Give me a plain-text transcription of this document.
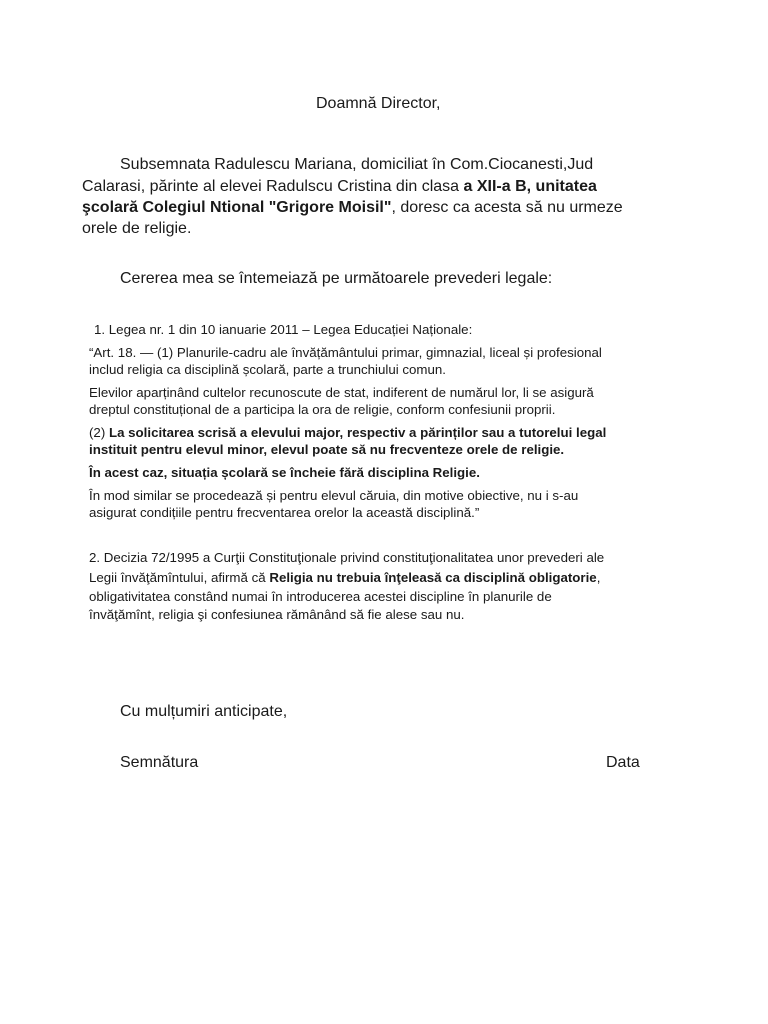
Doamnă Director,
Subsemnata Radulescu Mariana, domiciliat în Com.Ciocanesti,Jud
Calarasi, părinte al elevei Radulscu Cristina din clasa a XII-a B, unitatea
şcolară Colegiul Ntional "Grigore Moisil", doresc ca acesta să nu urmeze
orele de religie.
Cererea mea se întemeiază pe următoarele prevederi legale:
1. Legea nr. 1 din 10 ianuarie 2011 – Legea Educației Naționale:
“Art. 18. — (1) Planurile-cadru ale învățământului primar, gimnazial, liceal și profesional
includ religia ca disciplină școlară, parte a trunchiului comun.
Elevilor aparținând cultelor recunoscute de stat, indiferent de numărul lor, li se asigură
dreptul constituțional de a participa la ora de religie, conform confesiunii proprii.
(2) La solicitarea scrisă a elevului major, respectiv a părinților sau a tutorelui legal
instituit pentru elevul minor, elevul poate să nu frecventeze orele de religie.
În acest caz, situația școlară se încheie fără disciplina Religie.
În mod similar se procedează și pentru elevul căruia, din motive obiective, nu i s-au
asigurat condițiile pentru frecventarea orelor la această disciplină.”
2. Decizia 72/1995 a Curţii Constituţionale privind constituţionalitatea unor prevederi ale
Legii învăţămîntului, afirmă că Religia nu trebuia înţeleasă ca disciplină obligatorie,
obligativitatea constând numai în introducerea acestei discipline în planurile de
învăţămînt, religia şi confesiunea rămânând să fie alese sau nu.
Cu mulțumiri anticipate,
Semnătura	Data
